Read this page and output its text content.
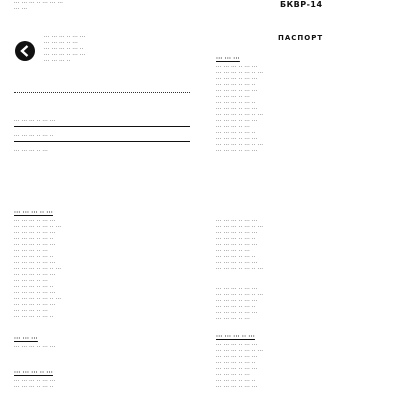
··· ··· ··· ·· ··· ··· ···
··· ···
··· ··· ··· ·· ··· ···
··· ··· ··· ·· ···
··· ··· ··· ·· ··· ··
··· ··· ··· ·· ··· ···
··· ··· ··· ··
··· ··· ··· ·· ··· ···
··· ··· ··· ·· ··· ··
··· ··· ··· ·· ···
··· ··· ··· ·· ···
··· ··· ··· ·· ··· ···
··· ··· ··· ·· ··· ·· ···
··· ··· ··· ·· ··· ···
··· ··· ··· ·· ··· ··
··· ··· ··· ·· ··· ···
··· ··· ··· ·· ···
··· ··· ··· ·· ··· ··
··· ··· ··· ·· ··· ···
··· ··· ··· ·· ··· ·· ···
··· ··· ··· ·· ··· ···
··· ··· ··· ·· ···
··· ··· ··· ·· ··· ··
··· ··· ··· ·· ··· ···
··· ··· ··· ·· ··· ·· ···
··· ··· ··· ·· ··· ···
··· ··· ··· ·· ···
··· ··· ··· ·· ··· ··
··· ··· ···
··· ··· ··· ·· ··· ···
··· ··· ··· ·· ···
··· ··· ··· ·· ··· ···
··· ··· ··· ·· ··· ··
БКВР-14
ПАСПОРТ
··· ··· ···
··· ··· ··· ·· ··· ···
··· ··· ··· ·· ··· ·· ···
··· ··· ··· ·· ··· ···
··· ··· ··· ·· ··· ··
··· ··· ··· ·· ··· ···
··· ··· ··· ·· ···
··· ··· ··· ·· ··· ··
··· ··· ··· ·· ··· ···
··· ··· ··· ·· ··· ·· ···
··· ··· ··· ·· ··· ···
··· ··· ··· ·· ···
··· ··· ··· ·· ··· ··
··· ··· ··· ·· ··· ···
··· ··· ··· ·· ··· ·· ···
··· ··· ··· ·· ··· ···
··· ··· ··· ·· ··· ···
··· ··· ··· ·· ··· ·· ···
··· ··· ··· ·· ··· ···
··· ··· ··· ·· ··· ··
··· ··· ··· ·· ··· ···
··· ··· ··· ·· ···
··· ··· ··· ·· ··· ··
··· ··· ··· ·· ··· ···
··· ··· ··· ·· ··· ·· ···
··· ··· ··· ·· ··· ···
··· ··· ··· ·· ··· ·· ···
··· ··· ··· ·· ··· ···
··· ··· ··· ·· ··· ··
··· ··· ··· ·· ··· ···
··· ··· ··· ·· ···
··· ··· ··· ·· ···
··· ··· ··· ·· ··· ···
··· ··· ··· ·· ··· ·· ···
··· ··· ··· ·· ··· ···
··· ··· ··· ·· ··· ··
··· ··· ··· ·· ··· ···
··· ··· ··· ·· ···
··· ··· ··· ·· ··· ··
··· ··· ··· ·· ··· ···
